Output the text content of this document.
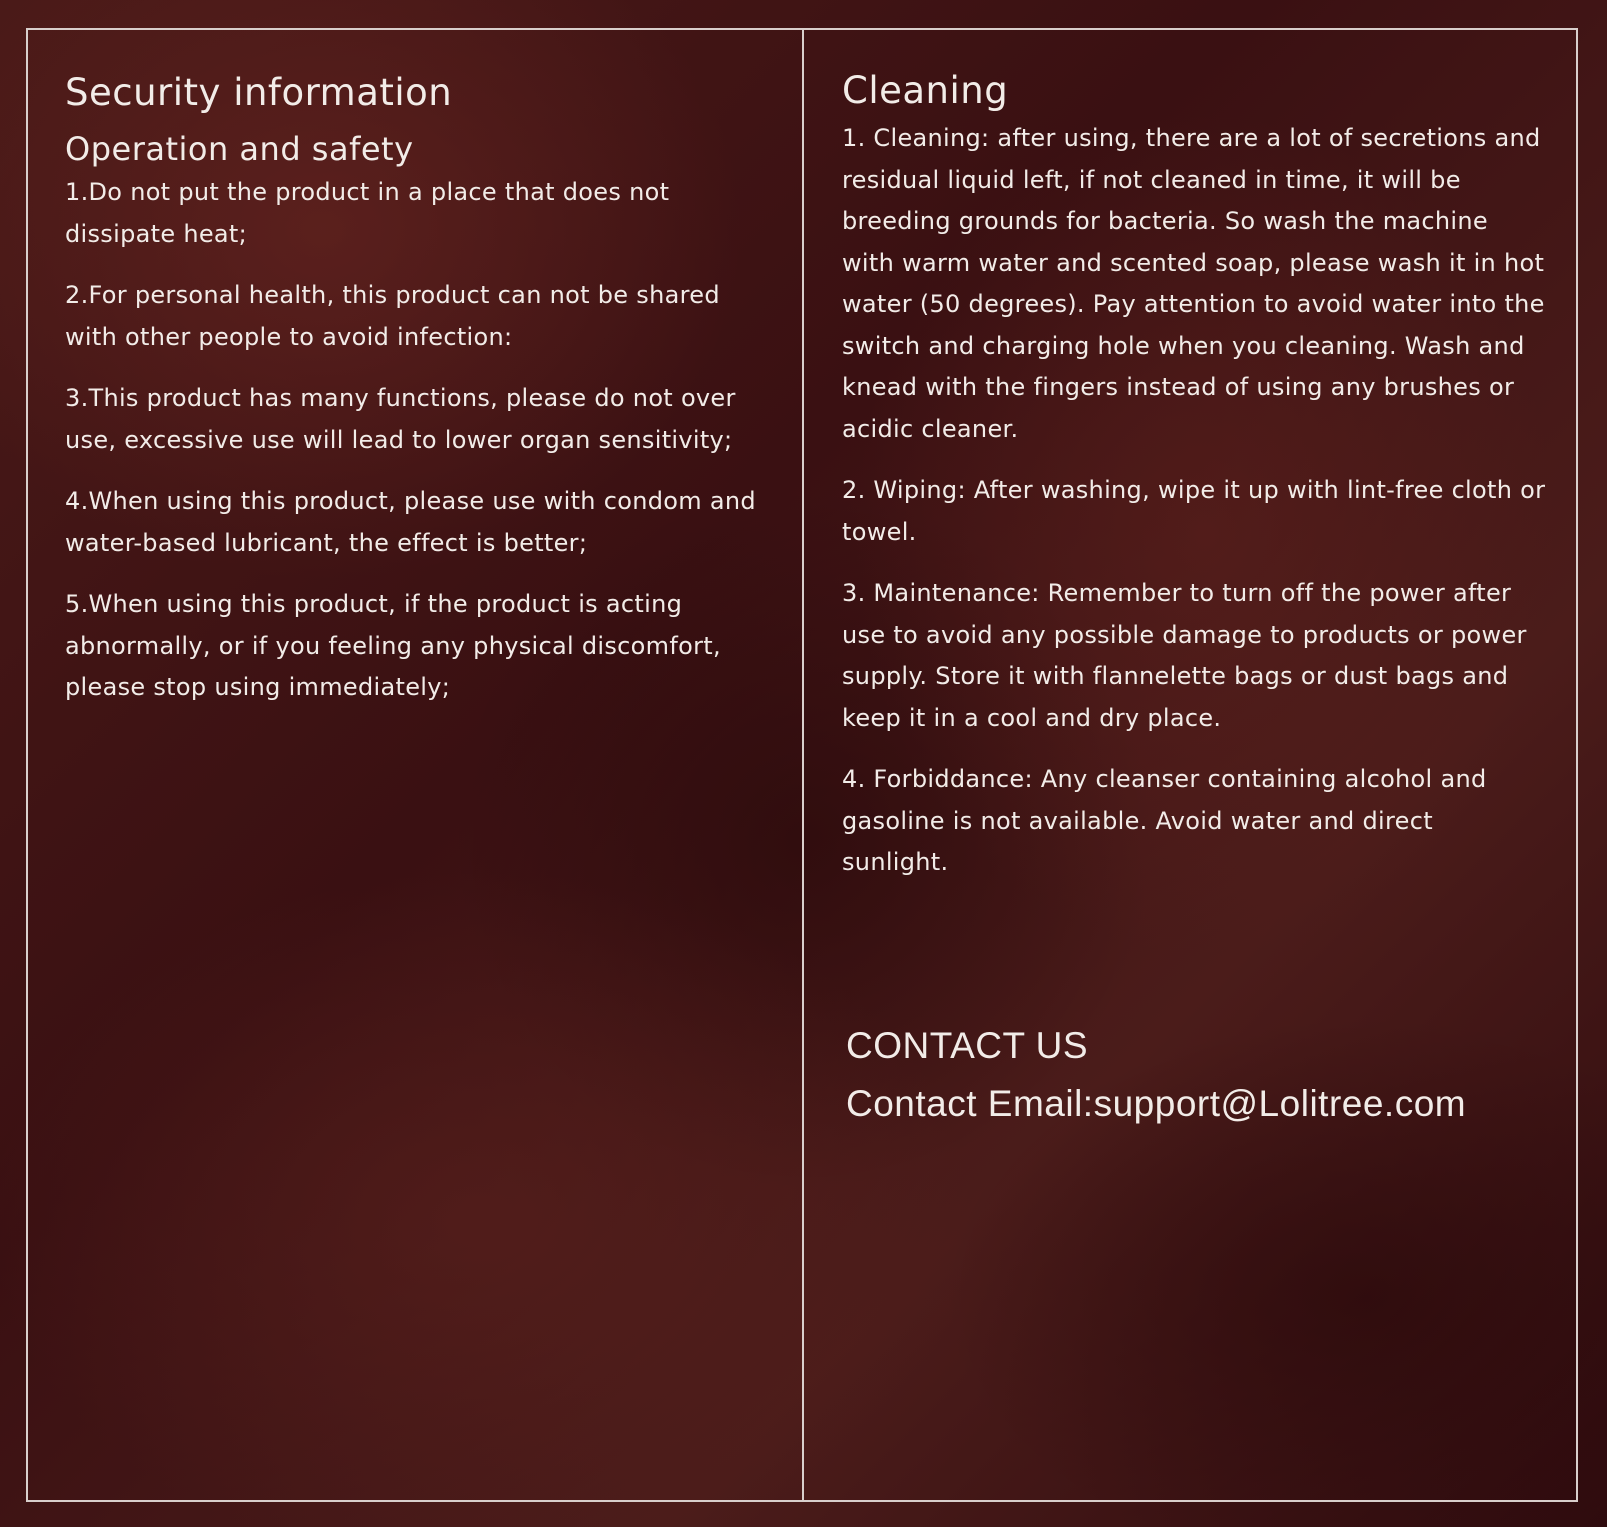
Security information
Operation and safety

1.Do not put the product in a place that does not dissipate heat;

2.For personal health, this product can not be shared with other people to avoid infection:

3.This product has many functions, please do not over use, excessive use will lead to lower organ sensitivity;

4.When using this product, please use with condom and water-based lubricant, the effect is better;

5.When using this product, if the product is acting abnormally, or if you feeling any physical discomfort, please stop using immediately;

Cleaning

1. Cleaning: after using, there are a lot of secretions and residual liquid left, if not cleaned in time, it will be breeding grounds for bacteria. So wash the machine with warm water and scented soap, please wash it in hot water (50 degrees). Pay attention to avoid water into the switch and charging hole when you cleaning. Wash and knead with the fingers instead of using any brushes or acidic cleaner.

2. Wiping: After washing, wipe it up with lint-free cloth or towel.

3. Maintenance: Remember to turn off the power after use to avoid any possible damage to products or power supply. Store it with flannelette bags or dust bags and keep it in a cool and dry place.

4. Forbiddance: Any cleanser containing alcohol and gasoline is not available. Avoid water and direct sunlight.

CONTACT US
Contact Email:support@Lolitree.com
